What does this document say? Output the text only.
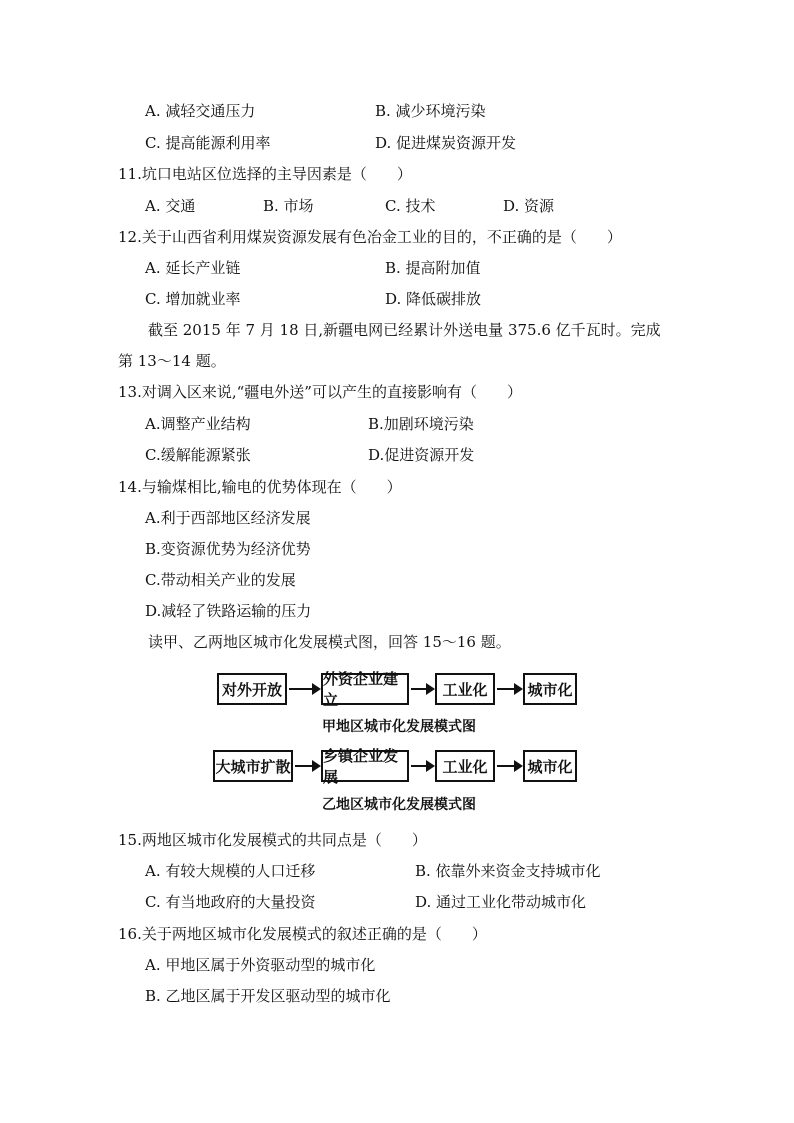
A. 减轻交通压力	B. 减少环境污染
C. 提高能源利用率	D. 促进煤炭资源开发
11.坑口电站区位选择的主导因素是（　　）
A. 交通	B. 市场	C. 技术	D. 资源
12.关于山西省利用煤炭资源发展有色冶金工业的目的，不正确的是（　　）
A. 延长产业链	B. 提高附加值
C. 增加就业率	D. 降低碳排放
截至 2015 年 7 月 18 日,新疆电网已经累计外送电量 375.6 亿千瓦时。完成
第 13～14 题。
13.对调入区来说,“疆电外送”可以产生的直接影响有（　　）
A.调整产业结构	B.加剧环境污染
C.缓解能源紧张	D.促进资源开发
14.与输煤相比,输电的优势体现在（　　）
A.利于西部地区经济发展
B.变资源优势为经济优势
C.带动相关产业的发展
D.减轻了铁路运输的压力
读甲、乙两地区城市化发展模式图，回答 15～16 题。
对外开放
外资企业建立
工业化	城市化
甲地区城市化发展模式图
大城市扩散
乡镇企业发展
工业化	城市化
乙地区城市化发展模式图
15.两地区城市化发展模式的共同点是（　　）
A. 有较大规模的人口迁移	B. 依靠外来资金支持城市化
C. 有当地政府的大量投资	D. 通过工业化带动城市化
16.关于两地区城市化发展模式的叙述正确的是（　　）
A. 甲地区属于外资驱动型的城市化
B. 乙地区属于开发区驱动型的城市化
